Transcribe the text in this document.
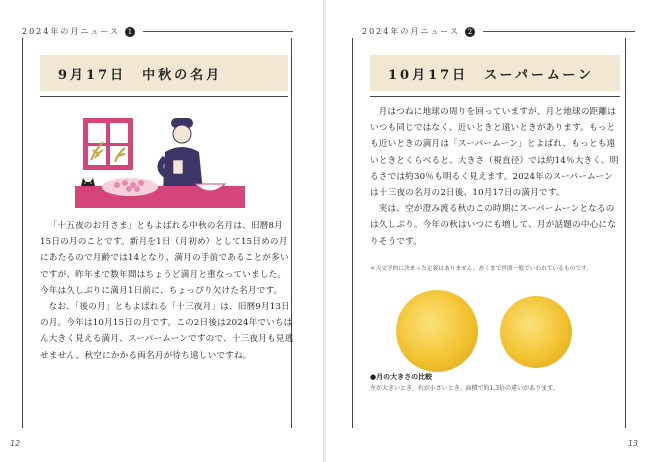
2024年の月ニュース	1
9月17日　中秋の名月

「十五夜のお月さま」ともよばれる中秋の名月は、旧暦8月15日の月のことです。新月を1日（月初め）として15日めの月にあたるので月齢では14となり、満月の手前であることが多いですが、昨年まで数年間はちょうど満月と重なっていました。今年は久しぶりに満月1日前に、ちょっぴり欠けた名月です。

なお、「後の月」ともよばれる「十三夜月」は、旧暦9月13日の月。今年は10月15日の月です。この2日後は2024年でいちばん大きく見える満月、スーパームーンですので、十三夜月も見逃せません。秋空にかかる両名月が待ち遠しいですね。

12
2024年の月ニュース	2
10月17日　スーパームーン

月はつねに地球の周りを回っていますが、月と地球の距離はいつも同じではなく、近いときと遠いときがあります。もっとも近いときの満月は「スーパームーン」とよばれ、もっとも遠いときとくらべると、大きさ（視直径）では約14％大きく、明るさでは約30％も明るく見えます。2024年のスーパームーンは十三夜の名月の2日後、10月17日の満月です。

実は、空が澄み渡る秋のこの時期にスーパームーンとなるのは久しぶり。今年の秋はいつにも増して、月が話題の中心になりそうです。

＊天文学的に決まった定義はありません。あくまで世間一般でいわれているものです。
●月の大きさの比較
左が大きいとき、右が小さいとき。面積で約1.3倍の違いがあります。
13
